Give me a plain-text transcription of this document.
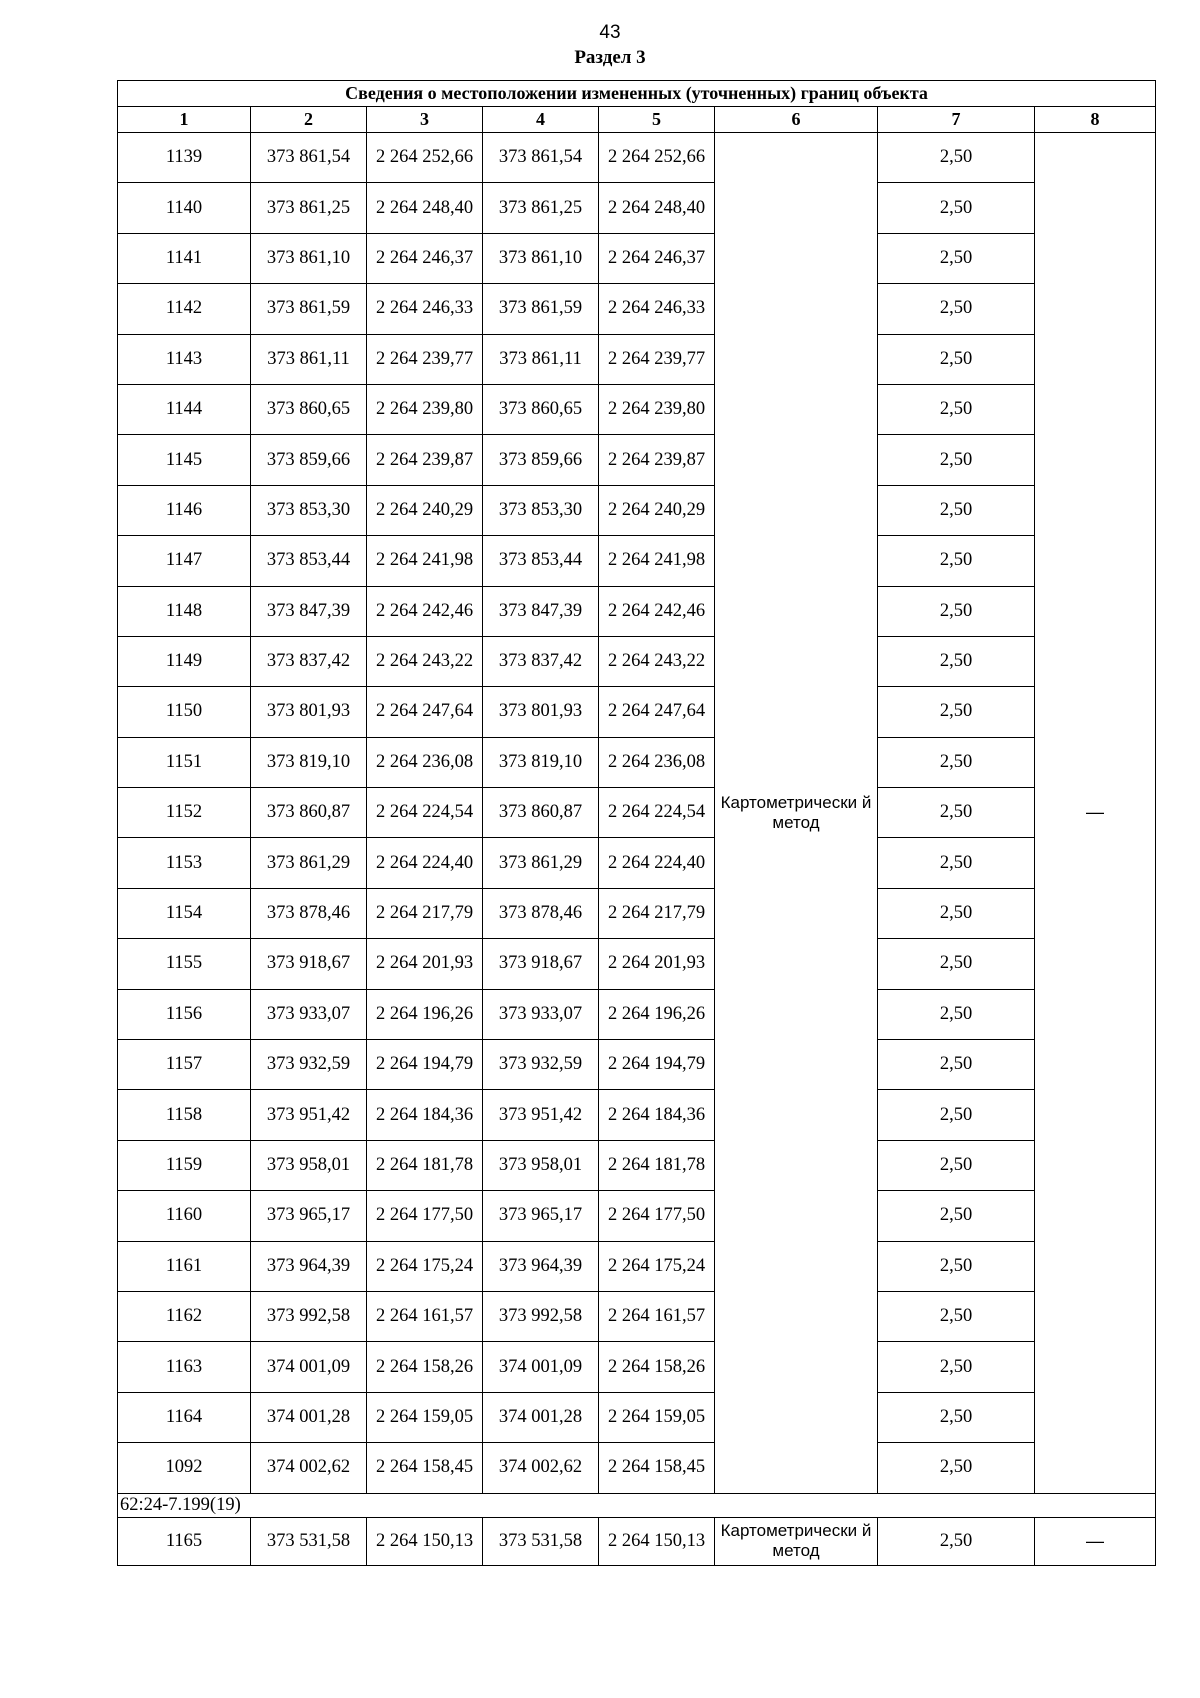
43
Раздел 3
Сведения о местоположении измененных (уточненных) границ объекта							
1	2	3	4	5	6	7	8
1139	373 861,54	2 264 252,66	373 861,54	2 264 252,66	Картометрически й метод	2,50	—
1140	373 861,25	2 264 248,40	373 861,25	2 264 248,40		2,50	
1141	373 861,10	2 264 246,37	373 861,10	2 264 246,37		2,50	
1142	373 861,59	2 264 246,33	373 861,59	2 264 246,33		2,50	
1143	373 861,11	2 264 239,77	373 861,11	2 264 239,77		2,50	
1144	373 860,65	2 264 239,80	373 860,65	2 264 239,80		2,50	
1145	373 859,66	2 264 239,87	373 859,66	2 264 239,87		2,50	
1146	373 853,30	2 264 240,29	373 853,30	2 264 240,29		2,50	
1147	373 853,44	2 264 241,98	373 853,44	2 264 241,98		2,50	
1148	373 847,39	2 264 242,46	373 847,39	2 264 242,46		2,50	
1149	373 837,42	2 264 243,22	373 837,42	2 264 243,22		2,50	
1150	373 801,93	2 264 247,64	373 801,93	2 264 247,64		2,50	
1151	373 819,10	2 264 236,08	373 819,10	2 264 236,08		2,50	
1152	373 860,87	2 264 224,54	373 860,87	2 264 224,54		2,50	
1153	373 861,29	2 264 224,40	373 861,29	2 264 224,40		2,50	
1154	373 878,46	2 264 217,79	373 878,46	2 264 217,79		2,50	
1155	373 918,67	2 264 201,93	373 918,67	2 264 201,93		2,50	
1156	373 933,07	2 264 196,26	373 933,07	2 264 196,26		2,50	
1157	373 932,59	2 264 194,79	373 932,59	2 264 194,79		2,50	
1158	373 951,42	2 264 184,36	373 951,42	2 264 184,36		2,50	
1159	373 958,01	2 264 181,78	373 958,01	2 264 181,78		2,50	
1160	373 965,17	2 264 177,50	373 965,17	2 264 177,50		2,50	
1161	373 964,39	2 264 175,24	373 964,39	2 264 175,24		2,50	
1162	373 992,58	2 264 161,57	373 992,58	2 264 161,57		2,50	
1163	374 001,09	2 264 158,26	374 001,09	2 264 158,26		2,50	
1164	374 001,28	2 264 159,05	374 001,28	2 264 159,05		2,50	
1092	374 002,62	2 264 158,45	374 002,62	2 264 158,45		2,50	
62:24-7.199(19)							
1165	373 531,58	2 264 150,13	373 531,58	2 264 150,13	Картометрически й метод	2,50	—
